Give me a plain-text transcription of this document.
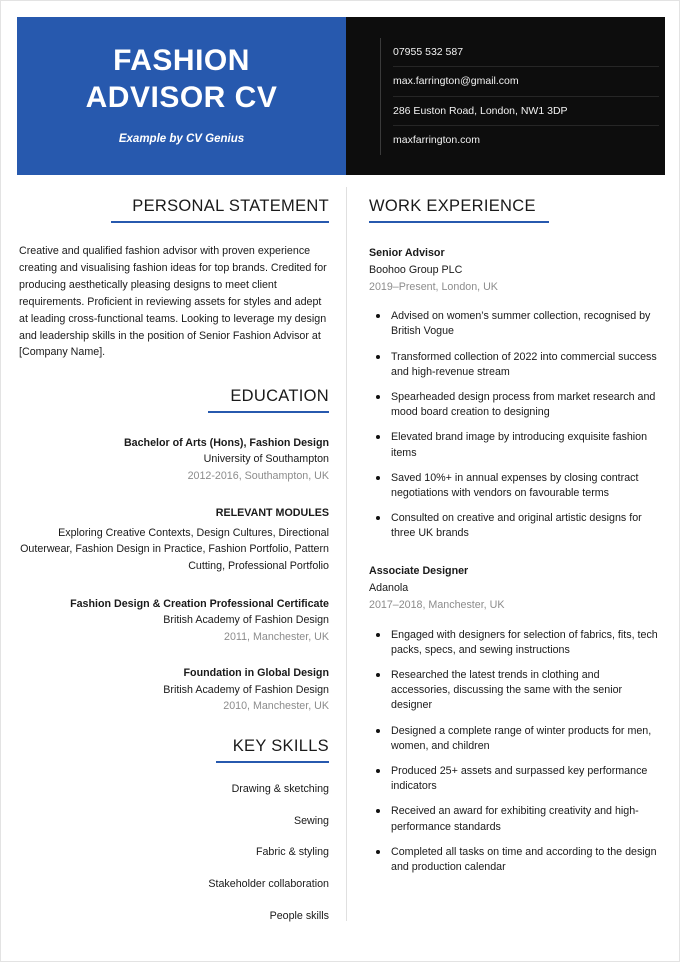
FASHION
ADVISOR CV
Example by CV Genius
07955 532 587
max.farrington@gmail.com
286 Euston Road, London, NW1 3DP
maxfarrington.com
PERSONAL STATEMENT
Creative and qualified fashion advisor with proven experience creating and visualising fashion ideas for top brands. Credited for producing aesthetically pleasing designs to meet client requirements. Proficient in reviewing assets for styles and adept at leading cross-functional teams. Looking to leverage my design and leadership skills in the position of Senior Fashion Advisor at [Company Name].
EDUCATION
Bachelor of Arts (Hons), Fashion Design
University of Southampton
2012-2016, Southampton, UK
RELEVANT MODULES
Exploring Creative Contexts, Design Cultures, Directional Outerwear, Fashion Design in Practice, Fashion Portfolio, Pattern Cutting, Professional Portfolio
Fashion Design & Creation Professional Certificate
British Academy of Fashion Design
2011, Manchester, UK
Foundation in Global Design
British Academy of Fashion Design
2010, Manchester, UK
KEY SKILLS
Drawing & sketching
Sewing
Fabric & styling
Stakeholder collaboration
People skills
WORK EXPERIENCE
Senior Advisor
Boohoo Group PLC
2019–Present, London, UK
Advised on women’s summer collection, recognised by British Vogue
Transformed collection of 2022 into commercial success and high-revenue stream
Spearheaded design process from market research and mood board creation to designing
Elevated brand image by introducing exquisite fashion items
Saved 10%+ in annual expenses by closing contract negotiations with vendors on favourable terms
Consulted on creative and original artistic designs for three UK brands
Associate Designer
Adanola
2017–2018, Manchester, UK
Engaged with designers for selection of fabrics, fits, tech packs, specs, and sewing instructions
Researched the latest trends in clothing and accessories, discussing the same with the senior designer
Designed a complete range of winter products for men, women, and children
Produced 25+ assets and surpassed key performance indicators
Received an award for exhibiting creativity and high-performance standards
Completed all tasks on time and according to the design and production calendar
